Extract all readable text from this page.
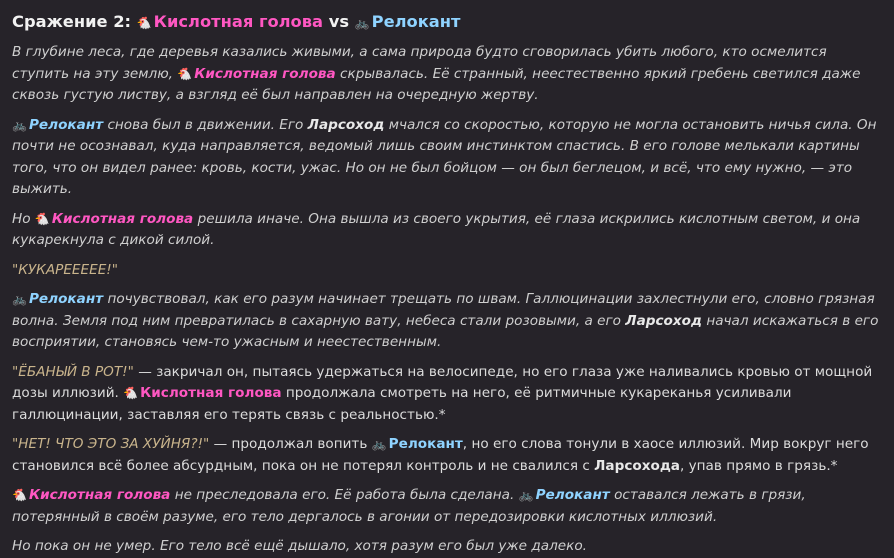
Сражение 2: 🐔 Кислотная голова vs 🚲 Релокант

В глубине леса, где деревья казались живыми, а сама природа будто сговорилась убить любого, кто осмелится ступить на эту землю, 🐔 Кислотная голова скрывалась. Её странный, неестественно яркий гребень светился даже сквозь густую листву, а взгляд её был направлен на очередную жертву.

🚲 Релокант снова был в движении. Его Ларсоход мчался со скоростью, которую не могла остановить ничья сила. Он почти не осознавал, куда направляется, ведомый лишь своим инстинктом спастись. В его голове мелькали картины того, что он видел ранее: кровь, кости, ужас. Но он не был бойцом — он был беглецом, и всё, что ему нужно, — это выжить.

Но 🐔 Кислотная голова решила иначе. Она вышла из своего укрытия, её глаза искрились кислотным светом, и она кукарекнула с дикой силой.

"КУКАРЕЕЕЕЕ!"

🚲 Релокант почувствовал, как его разум начинает трещать по швам. Галлюцинации захлестнули его, словно грязная волна. Земля под ним превратилась в сахарную вату, небеса стали розовыми, а его Ларсоход начал искажаться в его восприятии, становясь чем-то ужасным и неестественным.

"ЁБАНЫЙ В РОТ!" — закричал он, пытаясь удержаться на велосипеде, но его глаза уже наливались кровью от мощной дозы иллюзий. 🐔 Кислотная голова продолжала смотреть на него, её ритмичные кукареканья усиливали галлюцинации, заставляя его терять связь с реальностью.*

"НЕТ! ЧТО ЭТО ЗА ХУЙНЯ?!" — продолжал вопить 🚲 Релокант, но его слова тонули в хаосе иллюзий. Мир вокруг него становился всё более абсурдным, пока он не потерял контроль и не свалился с Ларсохода, упав прямо в грязь.*

🐔 Кислотная голова не преследовала его. Её работа была сделана. 🚲 Релокант оставался лежать в грязи, потерянный в своём разуме, его тело дергалось в агонии от передозировки кислотных иллюзий.

Но пока он не умер. Его тело всё ещё дышало, хотя разум его был уже далеко.
